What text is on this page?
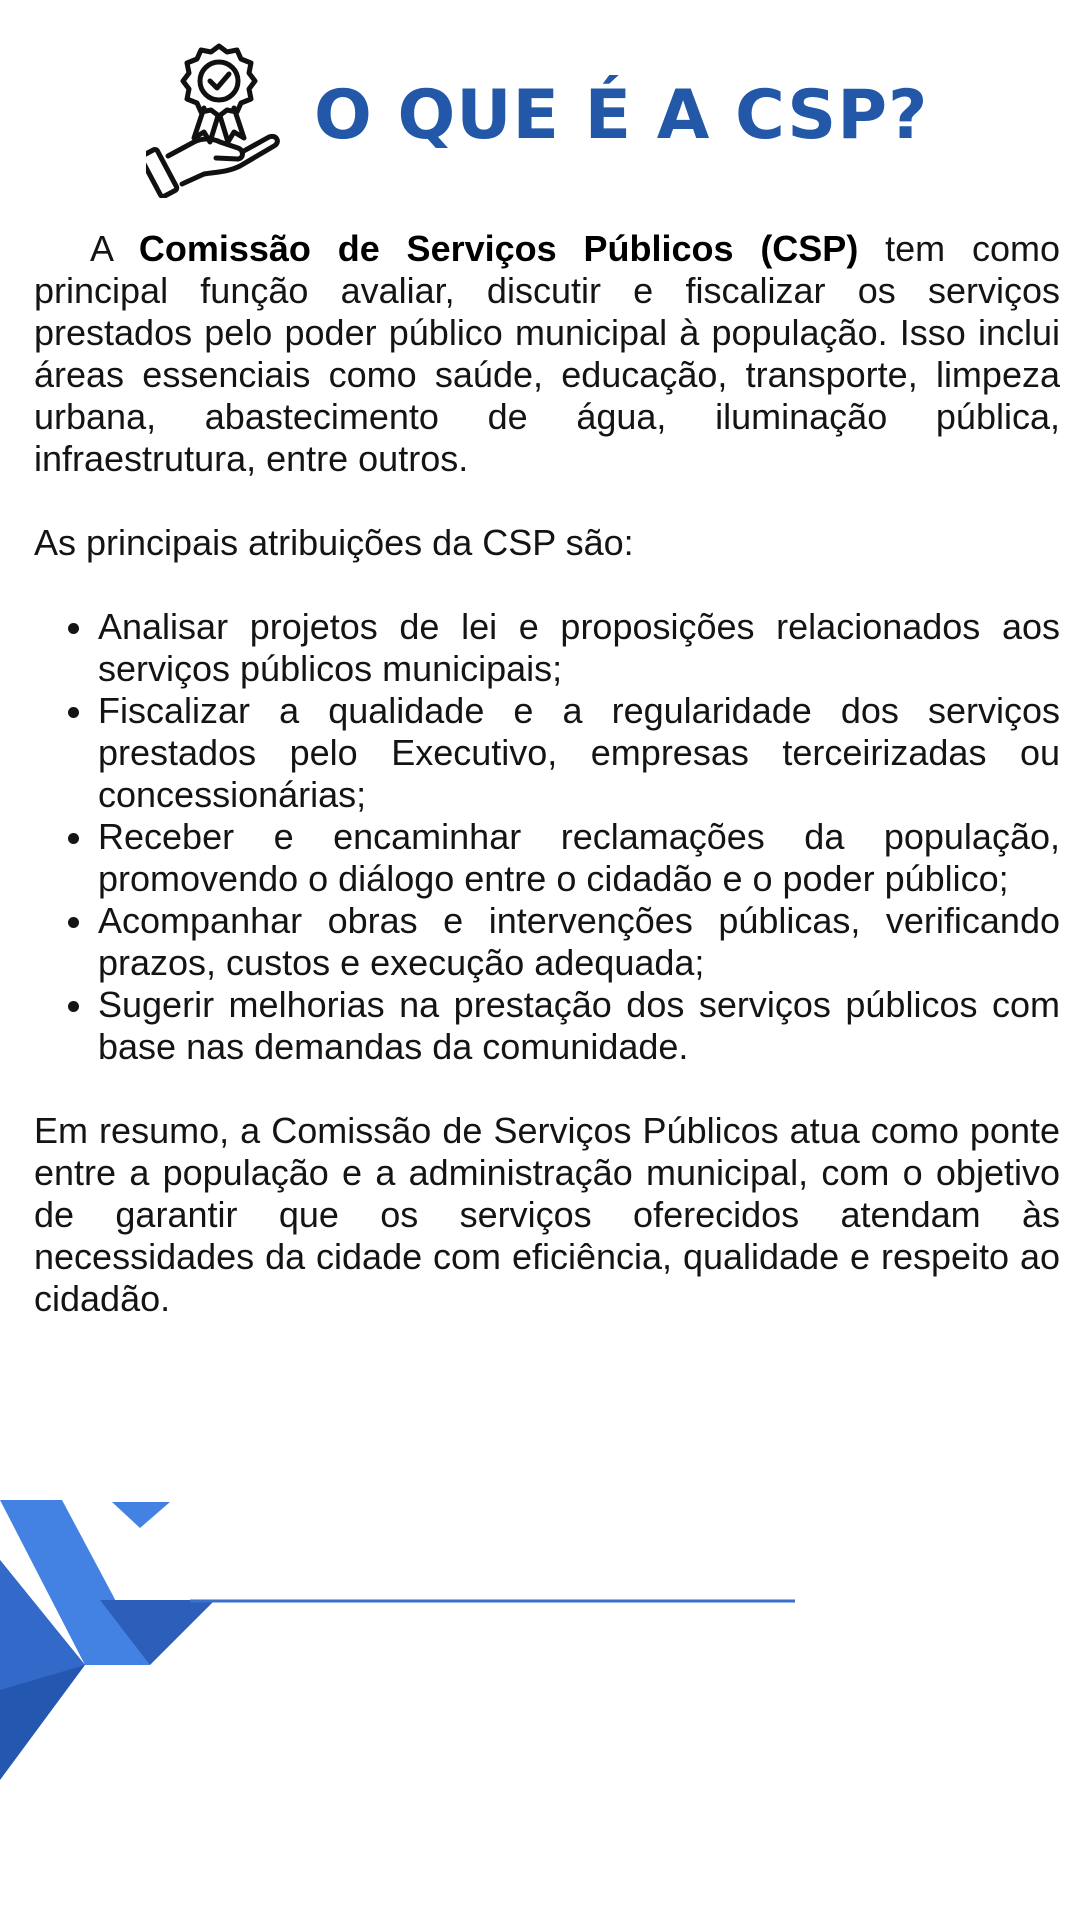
O QUE É A CSP?

A Comissão de Serviços Públicos (CSP) tem como principal função avaliar, discutir e fiscalizar os serviços prestados pelo poder público municipal à população. Isso inclui áreas essenciais como saúde, educação, transporte, limpeza urbana, abastecimento de água, iluminação pública, infraestrutura, entre outros.

As principais atribuições da CSP são:

Analisar projetos de lei e proposições relacionados aos serviços públicos municipais;
Fiscalizar a qualidade e a regularidade dos serviços prestados pelo Executivo, empresas terceirizadas ou concessionárias;
Receber e encaminhar reclamações da população, promovendo o diálogo entre o cidadão e o poder público;
Acompanhar obras e intervenções públicas, verificando prazos, custos e execução adequada;
Sugerir melhorias na prestação dos serviços públicos com base nas demandas da comunidade.

Em resumo, a Comissão de Serviços Públicos atua como ponte entre a população e a administração municipal, com o objetivo de garantir que os serviços oferecidos atendam às necessidades da cidade com eficiência, qualidade e respeito ao cidadão.
